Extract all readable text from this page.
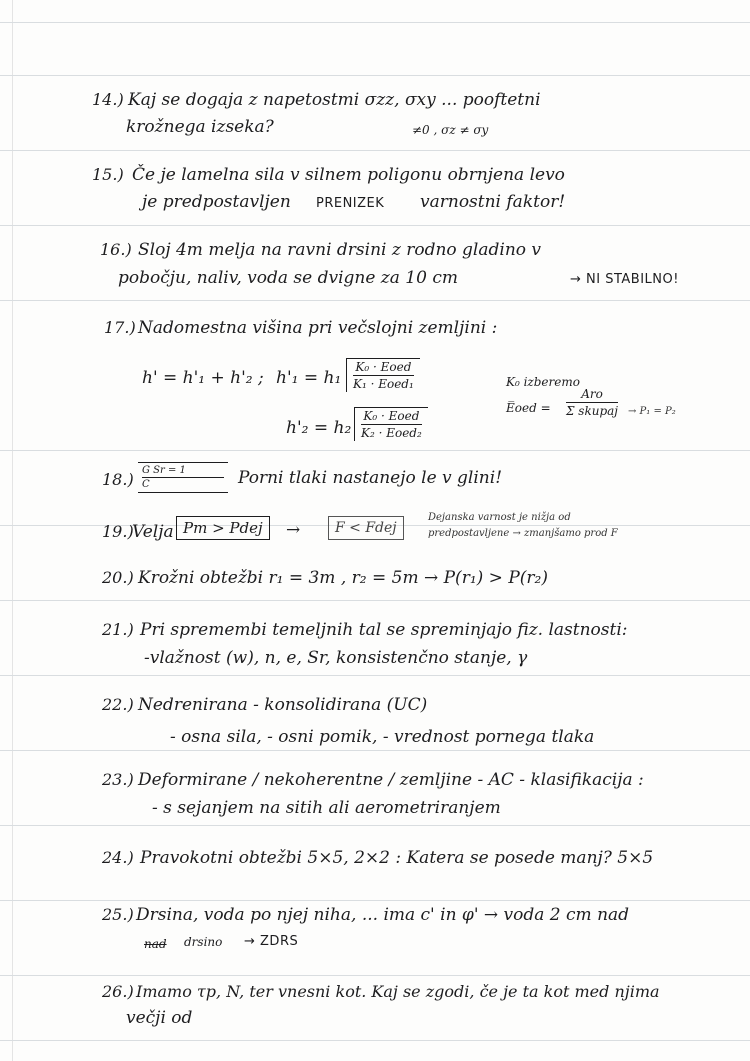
14.) Kaj se dogaja z napetostmi σzz, σxy ... pooftetni
krožnega izseka?	≠0 , σz ≠ σy
15.) Če je lamelna sila v silnem poligonu obrnjena levo
je predpostavljen PRENIZEK varnostni faktor!
16.) Sloj 4m melja na ravni drsini z rodno gladino v
pobočju, naliv, voda se dvigne za 10 cm	→ NI STABILNO!
17.) Nadomestna višina pri večslojni zemljini :
h' = h'₁ + h'₂ ; h'₁ = h₁
K₀ · Eoed
K₁ · Eoed₁
h'₂ = h₂
K₀ · Eoed
K₂ · Eoed₂
K₀ izberemo
E̅oed =
Aro
Σ skupaj → P₁ = P₂
18.) G Sr = 1
C	Porni tlaki nastanejo le v glini!
19.)
Velja Pm > Pdej	→	F < Fdej
Dejanska varnost je nižja od
predpostavljene → zmanjšamo prod F
20.) Krožni obtežbi r₁ = 3m , r₂ = 5m → P(r₁) > P(r₂)
21.) Pri spremembi temeljnih tal se spreminjajo fiz. lastnosti:
-vlažnost (w), n, e, Sr, konsistenčno stanje, γ
22.) Nedrenirana - konsolidirana (UC)
- osna sila, - osni pomik, - vrednost pornega tlaka
23.) Deformirane / nekoherentne / zemljine - AC - klasifikacija :
- s sejanjem na sitih ali aerometriranjem
24.) Pravokotni obtežbi 5×5, 2×2 : Katera se posede manj? 5×5
25.) Drsina, voda po njej niha, ... ima c' in φ' → voda 2 cm nad
nad drsino → ZDRS
26.) Imamo τp, N, ter vnesni kot. Kaj se zgodi, če je ta kot med njima
večji od
